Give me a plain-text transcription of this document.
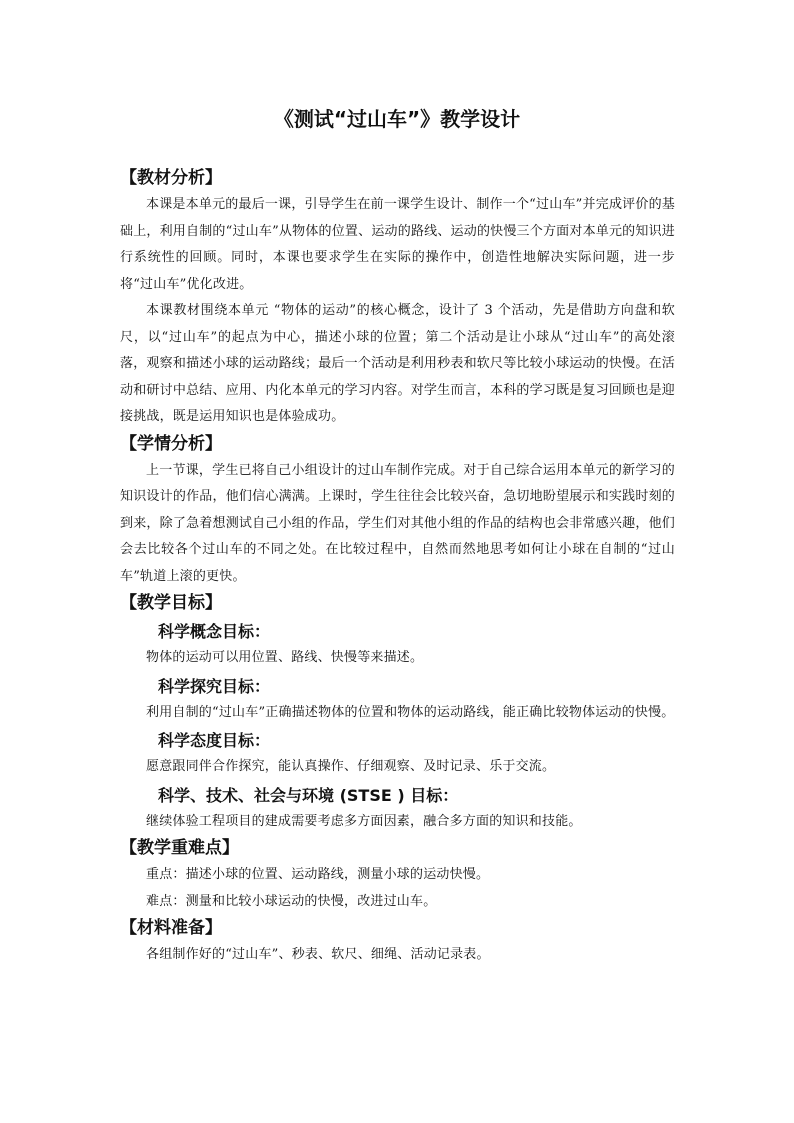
《测试“过山车”》教学设计
【教材分析】

本课是本单元的最后一课，引导学生在前一课学生设计、制作一个“过山车”并完成评价的基础上，利用自制的“过山车”从物体的位置、运动的路线、运动的快慢三个方面对本单元的知识进行系统性的回顾。同时，本课也要求学生在实际的操作中，创造性地解决实际问题，进一步将“过山车”优化改进。

本课教材围绕本单元 “物体的运动”的核心概念，设计了 3 个活动，先是借助方向盘和软尺，以“过山车”的起点为中心，描述小球的位置；第二个活动是让小球从“过山车”的高处滚落，观察和描述小球的运动路线；最后一个活动是利用秒表和软尺等比较小球运动的快慢。在活动和研讨中总结、应用、内化本单元的学习内容。对学生而言，本科的学习既是复习回顾也是迎接挑战，既是运用知识也是体验成功。

【学情分析】

上一节课，学生已将自己小组设计的过山车制作完成。对于自己综合运用本单元的新学习的知识设计的作品，他们信心满满。上课时，学生往往会比较兴奋，急切地盼望展示和实践时刻的到来，除了急着想测试自己小组的作品，学生们对其他小组的作品的结构也会非常感兴趣，他们会去比较各个过山车的不同之处。在比较过程中，自然而然地思考如何让小球在自制的“过山车”轨道上滚的更快。

【教学目标】
科学概念目标：

物体的运动可以用位置、路线、快慢等来描述。

科学探究目标：

利用自制的“过山车”正确描述物体的位置和物体的运动路线，能正确比较物体运动的快慢。

科学态度目标：

愿意跟同伴合作探究，能认真操作、仔细观察、及时记录、乐于交流。

科学、技术、社会与环境 (STSE ) 目标：

继续体验工程项目的建成需要考虑多方面因素，融合多方面的知识和技能。

【教学重难点】

重点：描述小球的位置、运动路线，测量小球的运动快慢。

难点：测量和比较小球运动的快慢，改进过山车。

【材料准备】

各组制作好的“过山车”、秒表、软尺、细绳、活动记录表。
